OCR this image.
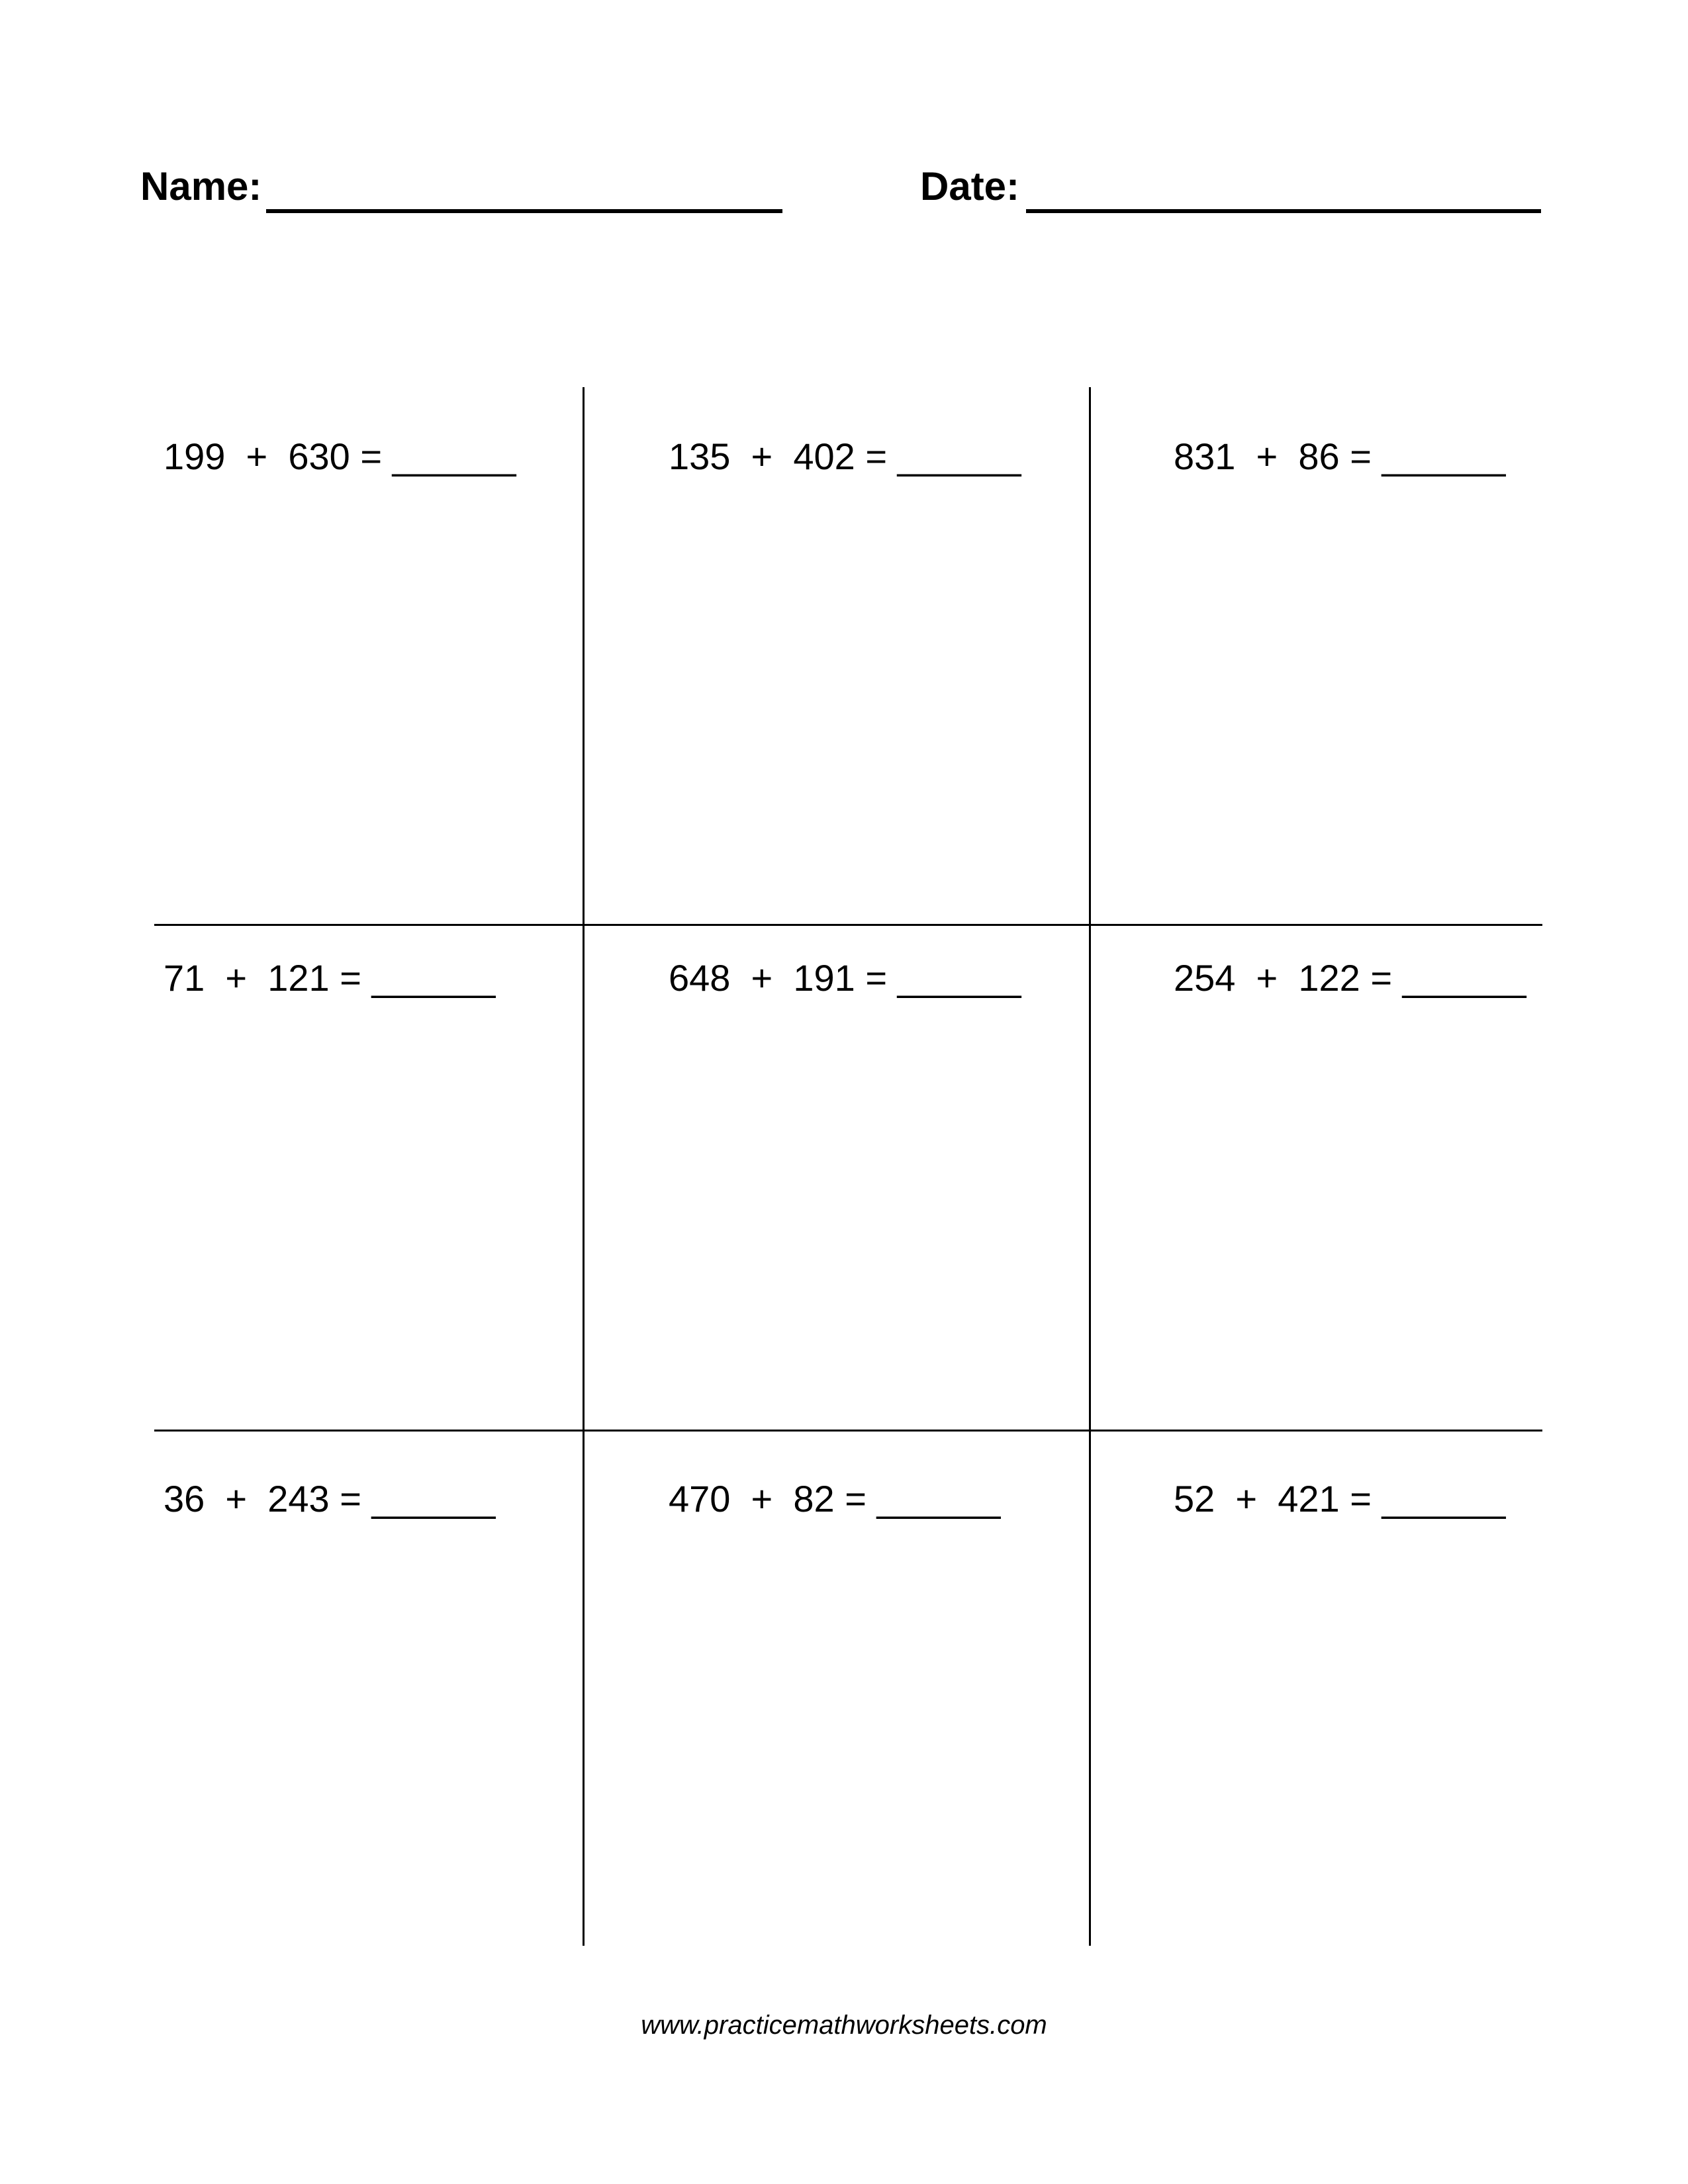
Name:	Date:
199  +  630 = ______	135  +  402 = ______	831  +  86 = ______
71  +  121 = ______	648  +  191 = ______	254  +  122 = ______
36  +  243 = ______	470  +  82 = ______	52  +  421 = ______
www.practicemathworksheets.com
